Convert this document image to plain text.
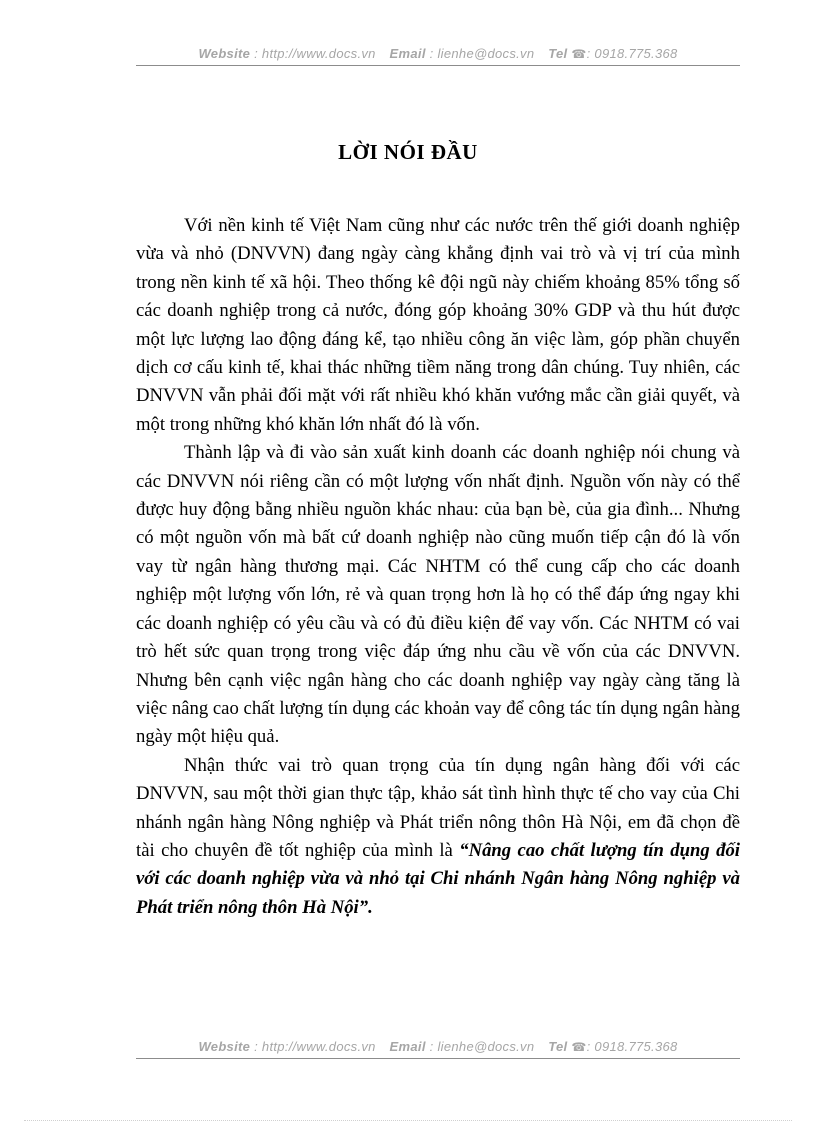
Website : http://www.docs.vn Email : lienhe@docs.vn Tel ☎: 0918.775.368
LỜI NÓI ĐẦU

Với nền kinh tế Việt Nam cũng như các nước trên thế giới doanh nghiệp vừa và nhỏ (DNVVN) đang ngày càng khẳng định vai trò và vị trí của mình trong nền kinh tế xã hội. Theo thống kê đội ngũ này chiếm khoảng 85% tổng số các doanh nghiệp trong cả nước, đóng góp khoảng 30% GDP và thu hút được một lực lượng lao động đáng kể, tạo nhiều công ăn việc làm, góp phần chuyển dịch cơ cấu kinh tế, khai thác những tiềm năng trong dân chúng. Tuy nhiên, các DNVVN vẫn phải đối mặt với rất nhiều khó khăn vướng mắc cần giải quyết, và một trong những khó khăn lớn nhất đó là vốn.

Thành lập và đi vào sản xuất kinh doanh các doanh nghiệp nói chung và các DNVVN nói riêng cần có một lượng vốn nhất định. Nguồn vốn này có thể được huy động bằng nhiều nguồn khác nhau: của bạn bè, của gia đình... Nhưng có một nguồn vốn mà bất cứ doanh nghiệp nào cũng muốn tiếp cận đó là vốn vay từ ngân hàng thương mại. Các NHTM có thể cung cấp cho các doanh nghiệp một lượng vốn lớn, rẻ và quan trọng hơn là họ có thể đáp ứng ngay khi các doanh nghiệp có yêu cầu và có đủ điều kiện để vay vốn. Các NHTM có vai trò hết sức quan trọng trong việc đáp ứng nhu cầu về vốn của các DNVVN. Nhưng bên cạnh việc ngân hàng cho các doanh nghiệp vay ngày càng tăng là việc nâng cao chất lượng tín dụng các khoản vay để công tác tín dụng ngân hàng ngày một hiệu quả.

Nhận thức vai trò quan trọng của tín dụng ngân hàng đối với các DNVVN, sau một thời gian thực tập, khảo sát tình hình thực tế cho vay của Chi nhánh ngân hàng Nông nghiệp và Phát triển nông thôn Hà Nội, em đã chọn đề tài cho chuyên đề tốt nghiệp của mình là “Nâng cao chất lượng tín dụng đối với các doanh nghiệp vừa và nhỏ tại Chi nhánh Ngân hàng Nông nghiệp và Phát triển nông thôn Hà Nội”.

Website : http://www.docs.vn Email : lienhe@docs.vn Tel ☎: 0918.775.368
